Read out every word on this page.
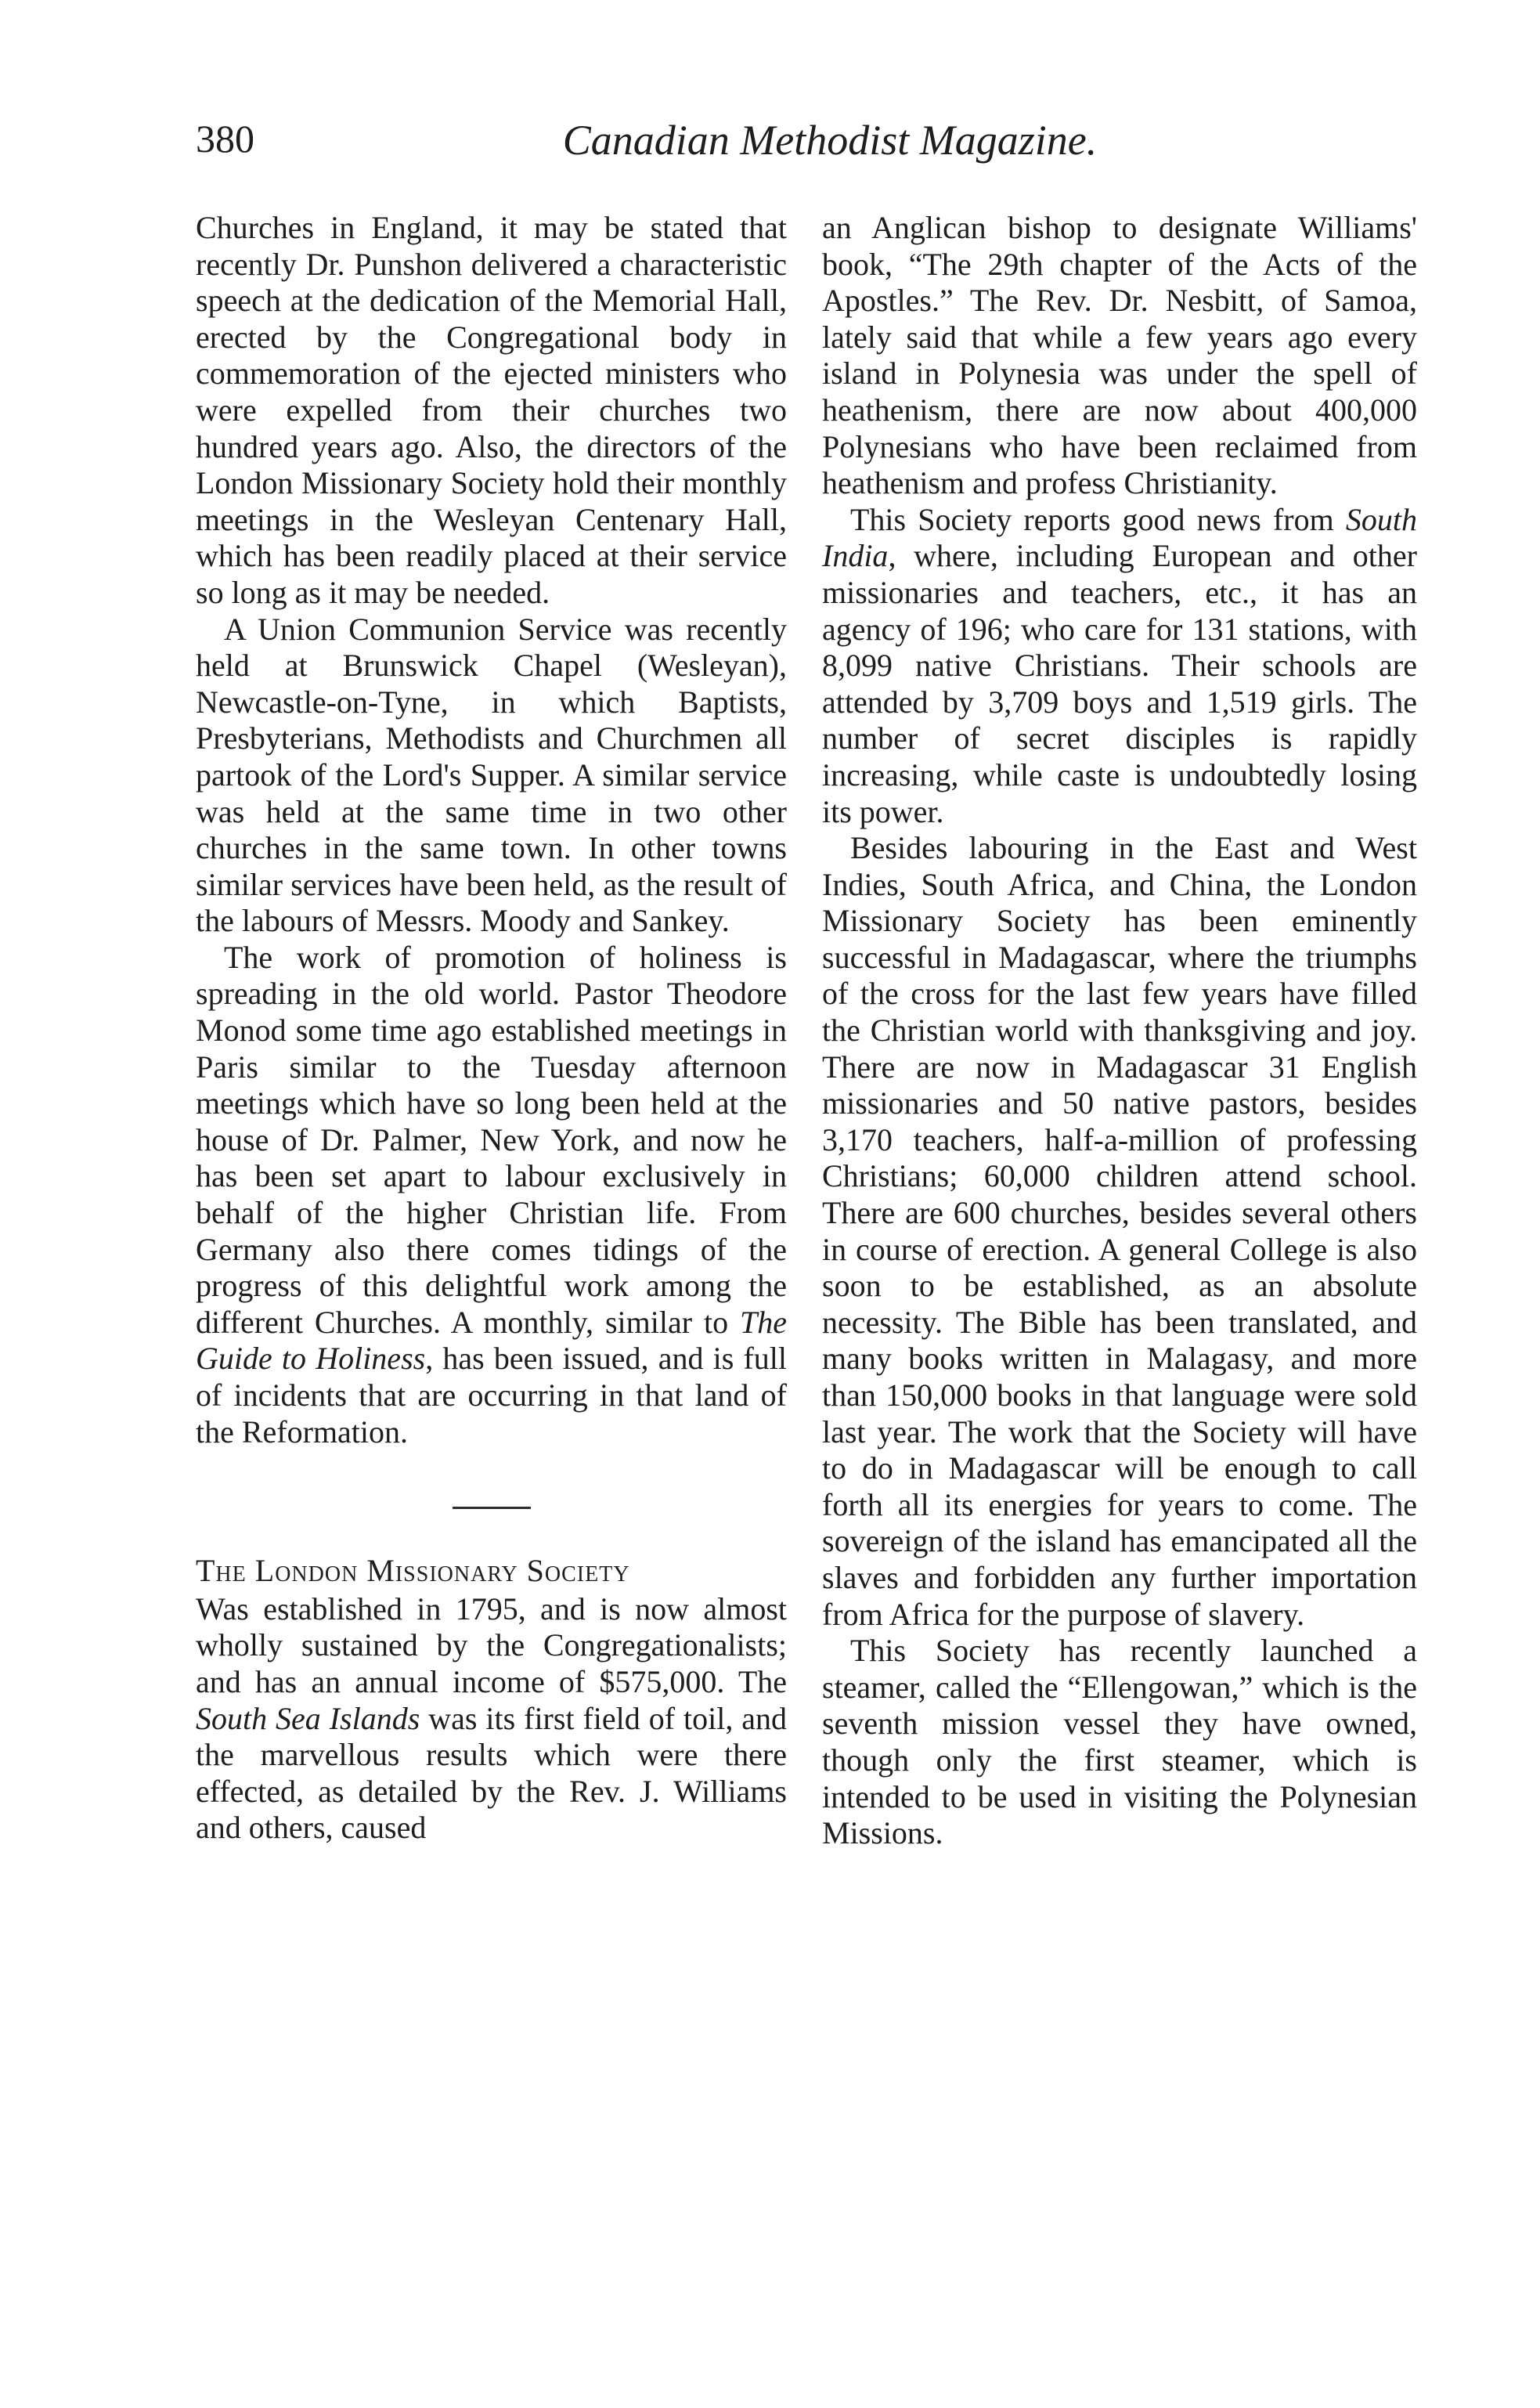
380	Canadian Methodist Magazine.

Churches in England, it may be stated that recently Dr. Punshon delivered a characteristic speech at the dedication of the Memorial Hall, erected by the Congregational body in commemoration of the ejected ministers who were expelled from their churches two hundred years ago. Also, the directors of the London Missionary Society hold their monthly meetings in the Wesleyan Centenary Hall, which has been readily placed at their service so long as it may be needed.

A Union Communion Service was recently held at Brunswick Chapel (Wesleyan), Newcastle-on-Tyne, in which Baptists, Presbyterians, Methodists and Churchmen all partook of the Lord's Supper. A similar service was held at the same time in two other churches in the same town. In other towns similar services have been held, as the result of the labours of Messrs. Moody and Sankey.

The work of promotion of holiness is spreading in the old world. Pastor Theodore Monod some time ago established meetings in Paris similar to the Tuesday afternoon meetings which have so long been held at the house of Dr. Palmer, New York, and now he has been set apart to labour exclusively in behalf of the higher Christian life. From Germany also there comes tidings of the progress of this delightful work among the different Churches. A monthly, similar to The Guide to Holiness, has been issued, and is full of incidents that are occurring in that land of the Reformation.

The London Missionary Society

Was established in 1795, and is now almost wholly sustained by the Congregationalists; and has an annual income of $575,000. The South Sea Islands was its first field of toil, and the marvellous results which were there effected, as detailed by the Rev. J. Williams and others, caused

an Anglican bishop to designate Williams' book, “The 29th chapter of the Acts of the Apostles.” The Rev. Dr. Nesbitt, of Samoa, lately said that while a few years ago every island in Polynesia was under the spell of heathenism, there are now about 400,000 Polynesians who have been reclaimed from heathenism and profess Christianity.

This Society reports good news from South India, where, including European and other missionaries and teachers, etc., it has an agency of 196; who care for 131 stations, with 8,099 native Christians. Their schools are attended by 3,709 boys and 1,519 girls. The number of secret disciples is rapidly increasing, while caste is undoubtedly losing its power.

Besides labouring in the East and West Indies, South Africa, and China, the London Missionary Society has been eminently successful in Madagascar, where the triumphs of the cross for the last few years have filled the Christian world with thanksgiving and joy. There are now in Madagascar 31 English missionaries and 50 native pastors, besides 3,170 teachers, half-a-million of professing Christians; 60,000 children attend school. There are 600 churches, besides several others in course of erection. A general College is also soon to be established, as an absolute necessity. The Bible has been translated, and many books written in Malagasy, and more than 150,000 books in that language were sold last year. The work that the Society will have to do in Madagascar will be enough to call forth all its energies for years to come. The sovereign of the island has emancipated all the slaves and forbidden any further importation from Africa for the purpose of slavery.

This Society has recently launched a steamer, called the “Ellengowan,” which is the seventh mission vessel they have owned, though only the first steamer, which is intended to be used in visiting the Polynesian Missions.
